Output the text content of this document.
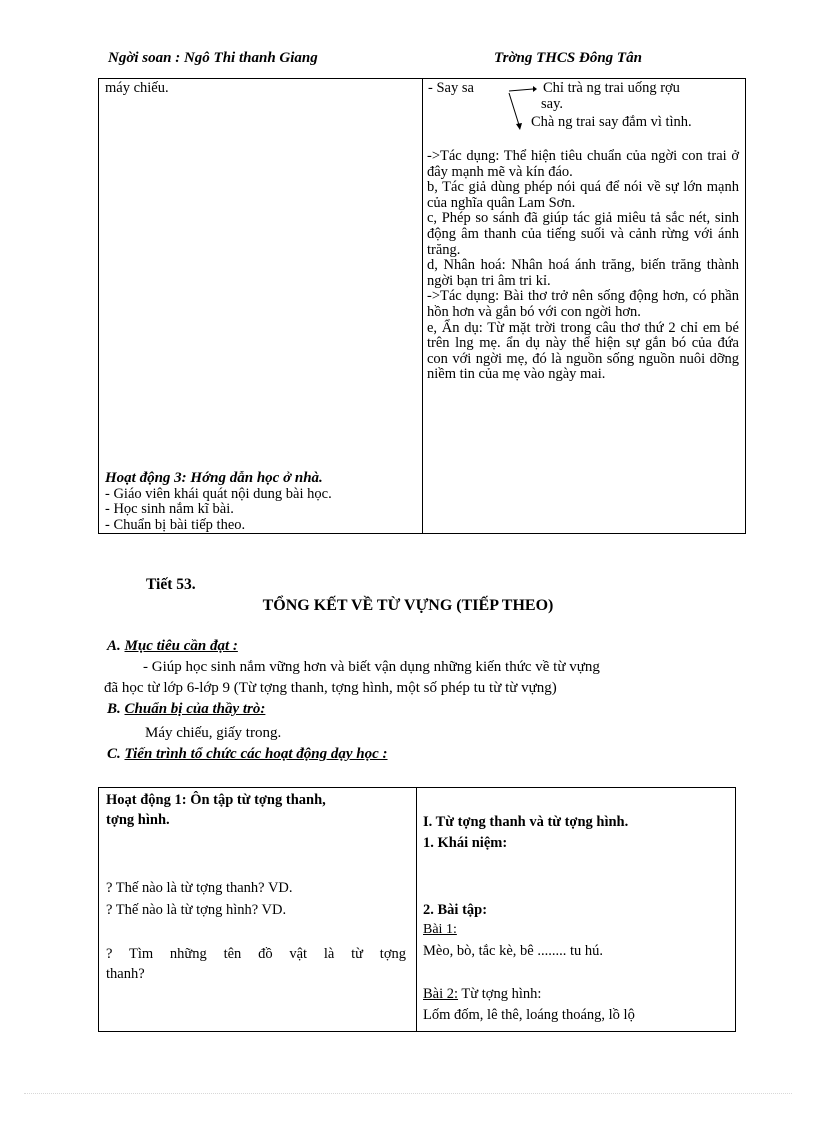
Ngời soan : Ngô Thi thanh Giang	Trờng THCS Đông Tân
máy chiếu.
Hoạt động 3: Hớng dẫn học ở nhà.
- Giáo viên khái quát nội dung bài học.
- Học sinh nắm kĩ bài.
- Chuẩn bị bài tiếp theo.
- Say sa	Chỉ trà ng trai uống rợu
say.
Chà ng trai say đắm vì tình.
->Tác dụng: Thể hiện tiêu chuẩn của ngời con trai ở đây mạnh mẽ và kín đáo.
b, Tác giả dùng phép nói quá để nói về sự lớn mạnh của nghĩa quân Lam Sơn.
c, Phép so sánh đã giúp tác giả miêu tả sắc nét, sinh động âm thanh của tiếng suối và cảnh rừng với ánh trăng.
d, Nhân hoá: Nhân hoá ánh trăng, biến trăng thành ngời bạn tri âm tri kỉ.
->Tác dụng: Bài thơ trở nên sống động hơn, có phần hồn hơn và gắn bó với con ngời hơn.
e, Ẩn dụ: Từ mặt trời trong câu thơ thứ 2 chỉ em bé trên lng mẹ. ẩn dụ này thể hiện sự gắn bó của đứa con với ngời mẹ, đó là nguồn sống nguồn nuôi dỡng niềm tin của mẹ vào ngày mai.
Tiết 53.
TỔNG KẾT VỀ TỪ VỰNG (TIẾP THEO)
A. Mục tiêu cần đạt :
- Giúp học sinh nắm vững hơn và biết vận dụng những kiến thức về từ vựng
đã học từ lớp 6-lớp 9 (Từ tợng thanh, tợng hình, một số phép tu từ từ vựng)
B. Chuẩn bị của thầy trò:
Máy chiếu, giấy trong.
C. Tiến trình tổ chức các hoạt động dạy học :
Hoạt động 1: Ôn tập từ tợng thanh,
tợng hình.
? Thế nào là từ tợng thanh? VD.
? Thế nào là từ tợng hình? VD.
? Tìm những tên đồ vật là từ tợng
thanh?
I. Từ tợng thanh và từ tợng hình.
1. Khái niệm:
2. Bài tập:
Bài 1:
Mèo, bò, tắc kè, bê ........ tu hú.
Bài 2: Từ tợng hình:
Lốm đốm, lê thê, loáng thoáng, lồ lộ
